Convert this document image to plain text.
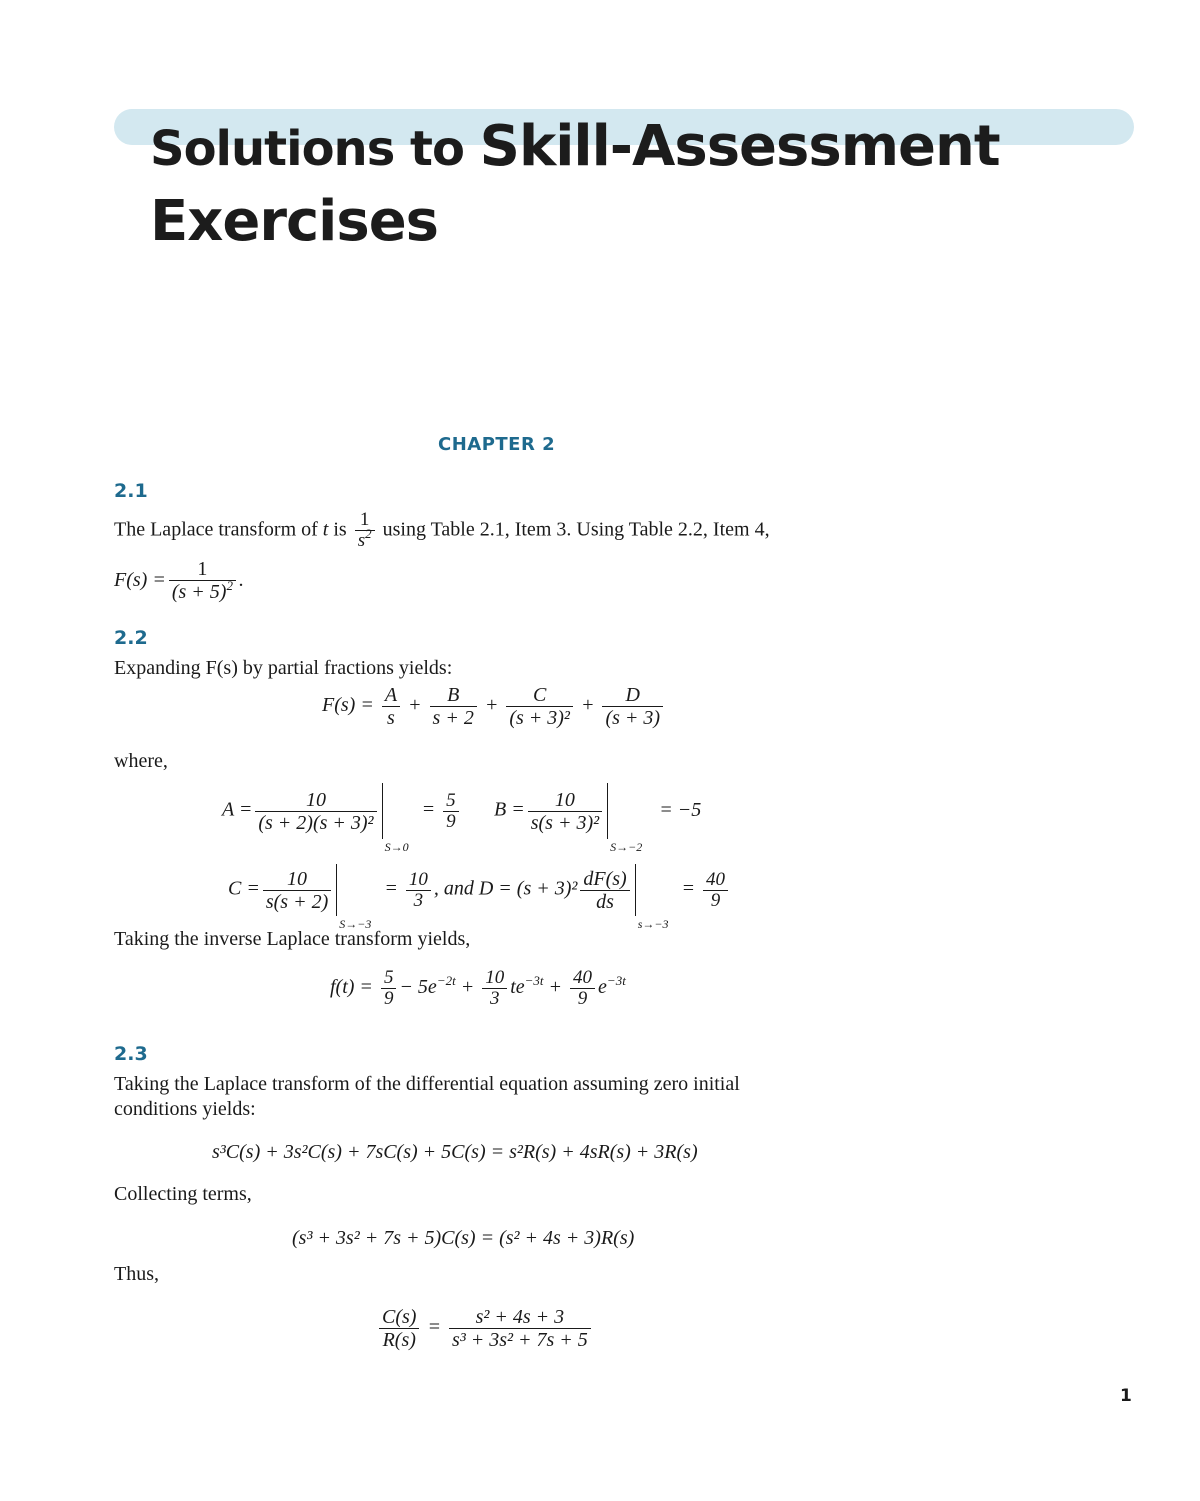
Solutions to Skill-Assessment
Exercises
CHAPTER 2
2.1
The Laplace transform of t is $\frac{1}{s^2}$ using Table 2.1, Item 3. Using Table 2.2, Item 4,
$F(s) = \frac{1}{(s + 5)^2}$ .
2.2
Expanding F(s) by partial fractions yields:
$F(s) = \frac{A}{s} + \frac{B}{s + 2} + \frac{C}{\text{(s + 3)²}} + \frac{D}{(s + 3)}$
where,
$A = \frac{10}{\text{(s + 2)(s + 3)²}}$
$S\to 0 = \frac{5}{9}$ $B = \frac{10}{\text{s(s + 3)²}}$
S→−2 = −5
$C = \frac{10}{s(s + 2)}$
$S\to-3 = \frac{10}{3}$ , and $D = (s + 3)^2 \frac{dF(s)}{ds}$
$s\to-3 = \frac{40}{9}$
Taking the inverse Laplace transform yields,
$f(t) = \frac{5}{9} - 5e^{-2t} + \frac{10}{3} te^{-3t} + \frac{40}{9} e^{-3t}$
2.3
Taking the Laplace transform of the differential equation assuming zero initial
conditions yields:
s³C(s) + 3s²C(s) + 7sC(s) + 5C(s) = s²R(s) + 4sR(s) + 3R(s)
Collecting terms,
(s³ + 3s² + 7s + 5)C(s) = (s² + 4s + 3)R(s)
Thus,
$\frac{C(s)}{R(s)} = \frac{\text{s² + 4s + 3}}{\text{s³ + 3s² + 7s + 5}}$
1
